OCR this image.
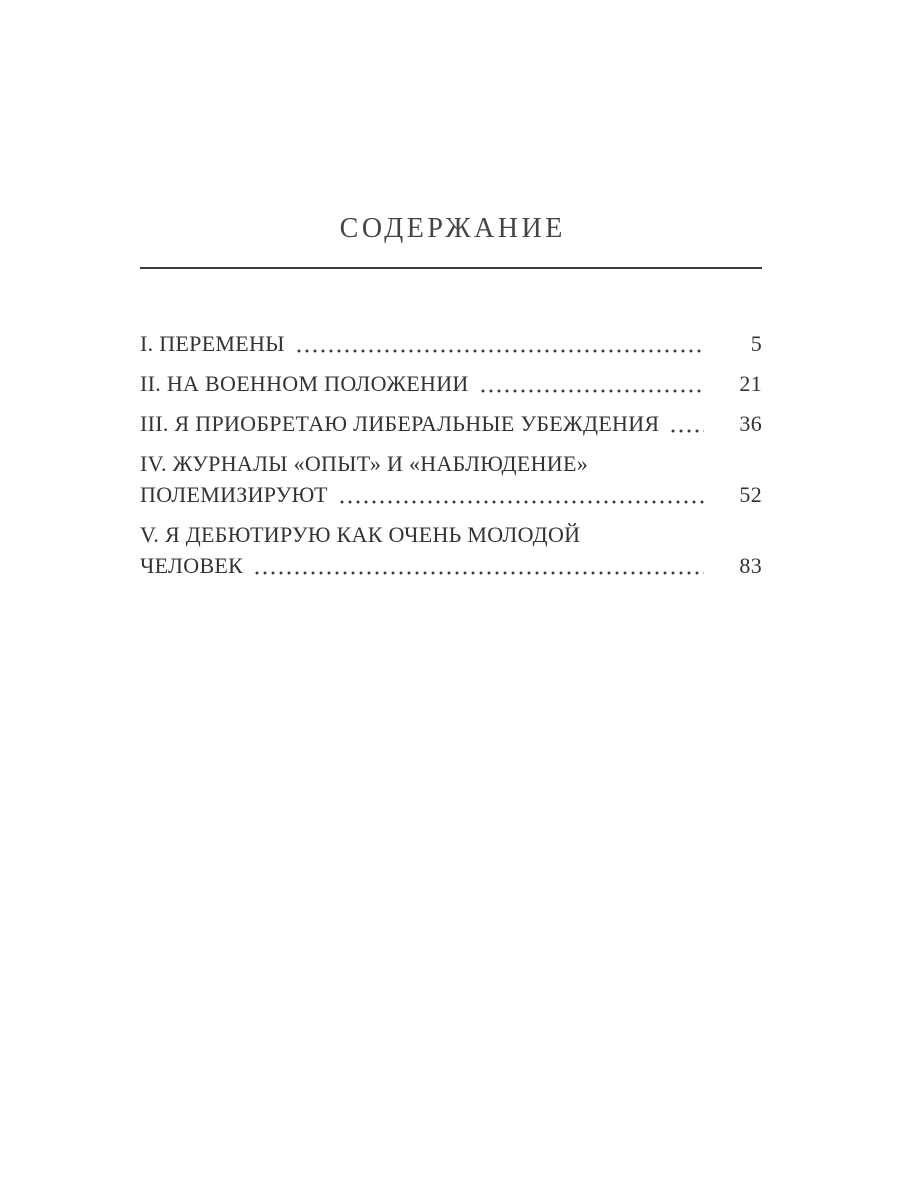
СОДЕРЖАНИЕ
I. ПЕРЕМЕНЫ	5
II. НА ВОЕННОМ ПОЛОЖЕНИИ	21
III. Я ПРИОБРЕТАЮ ЛИБЕРАЛЬНЫЕ УБЕЖДЕНИЯ	36
IV. ЖУРНАЛЫ «ОПЫТ» И «НАБЛЮДЕНИЕ»
ПОЛЕМИЗИРУЮТ	52
V. Я ДЕБЮТИРУЮ КАК ОЧЕНЬ МОЛОДОЙ
ЧЕЛОВЕК	83
